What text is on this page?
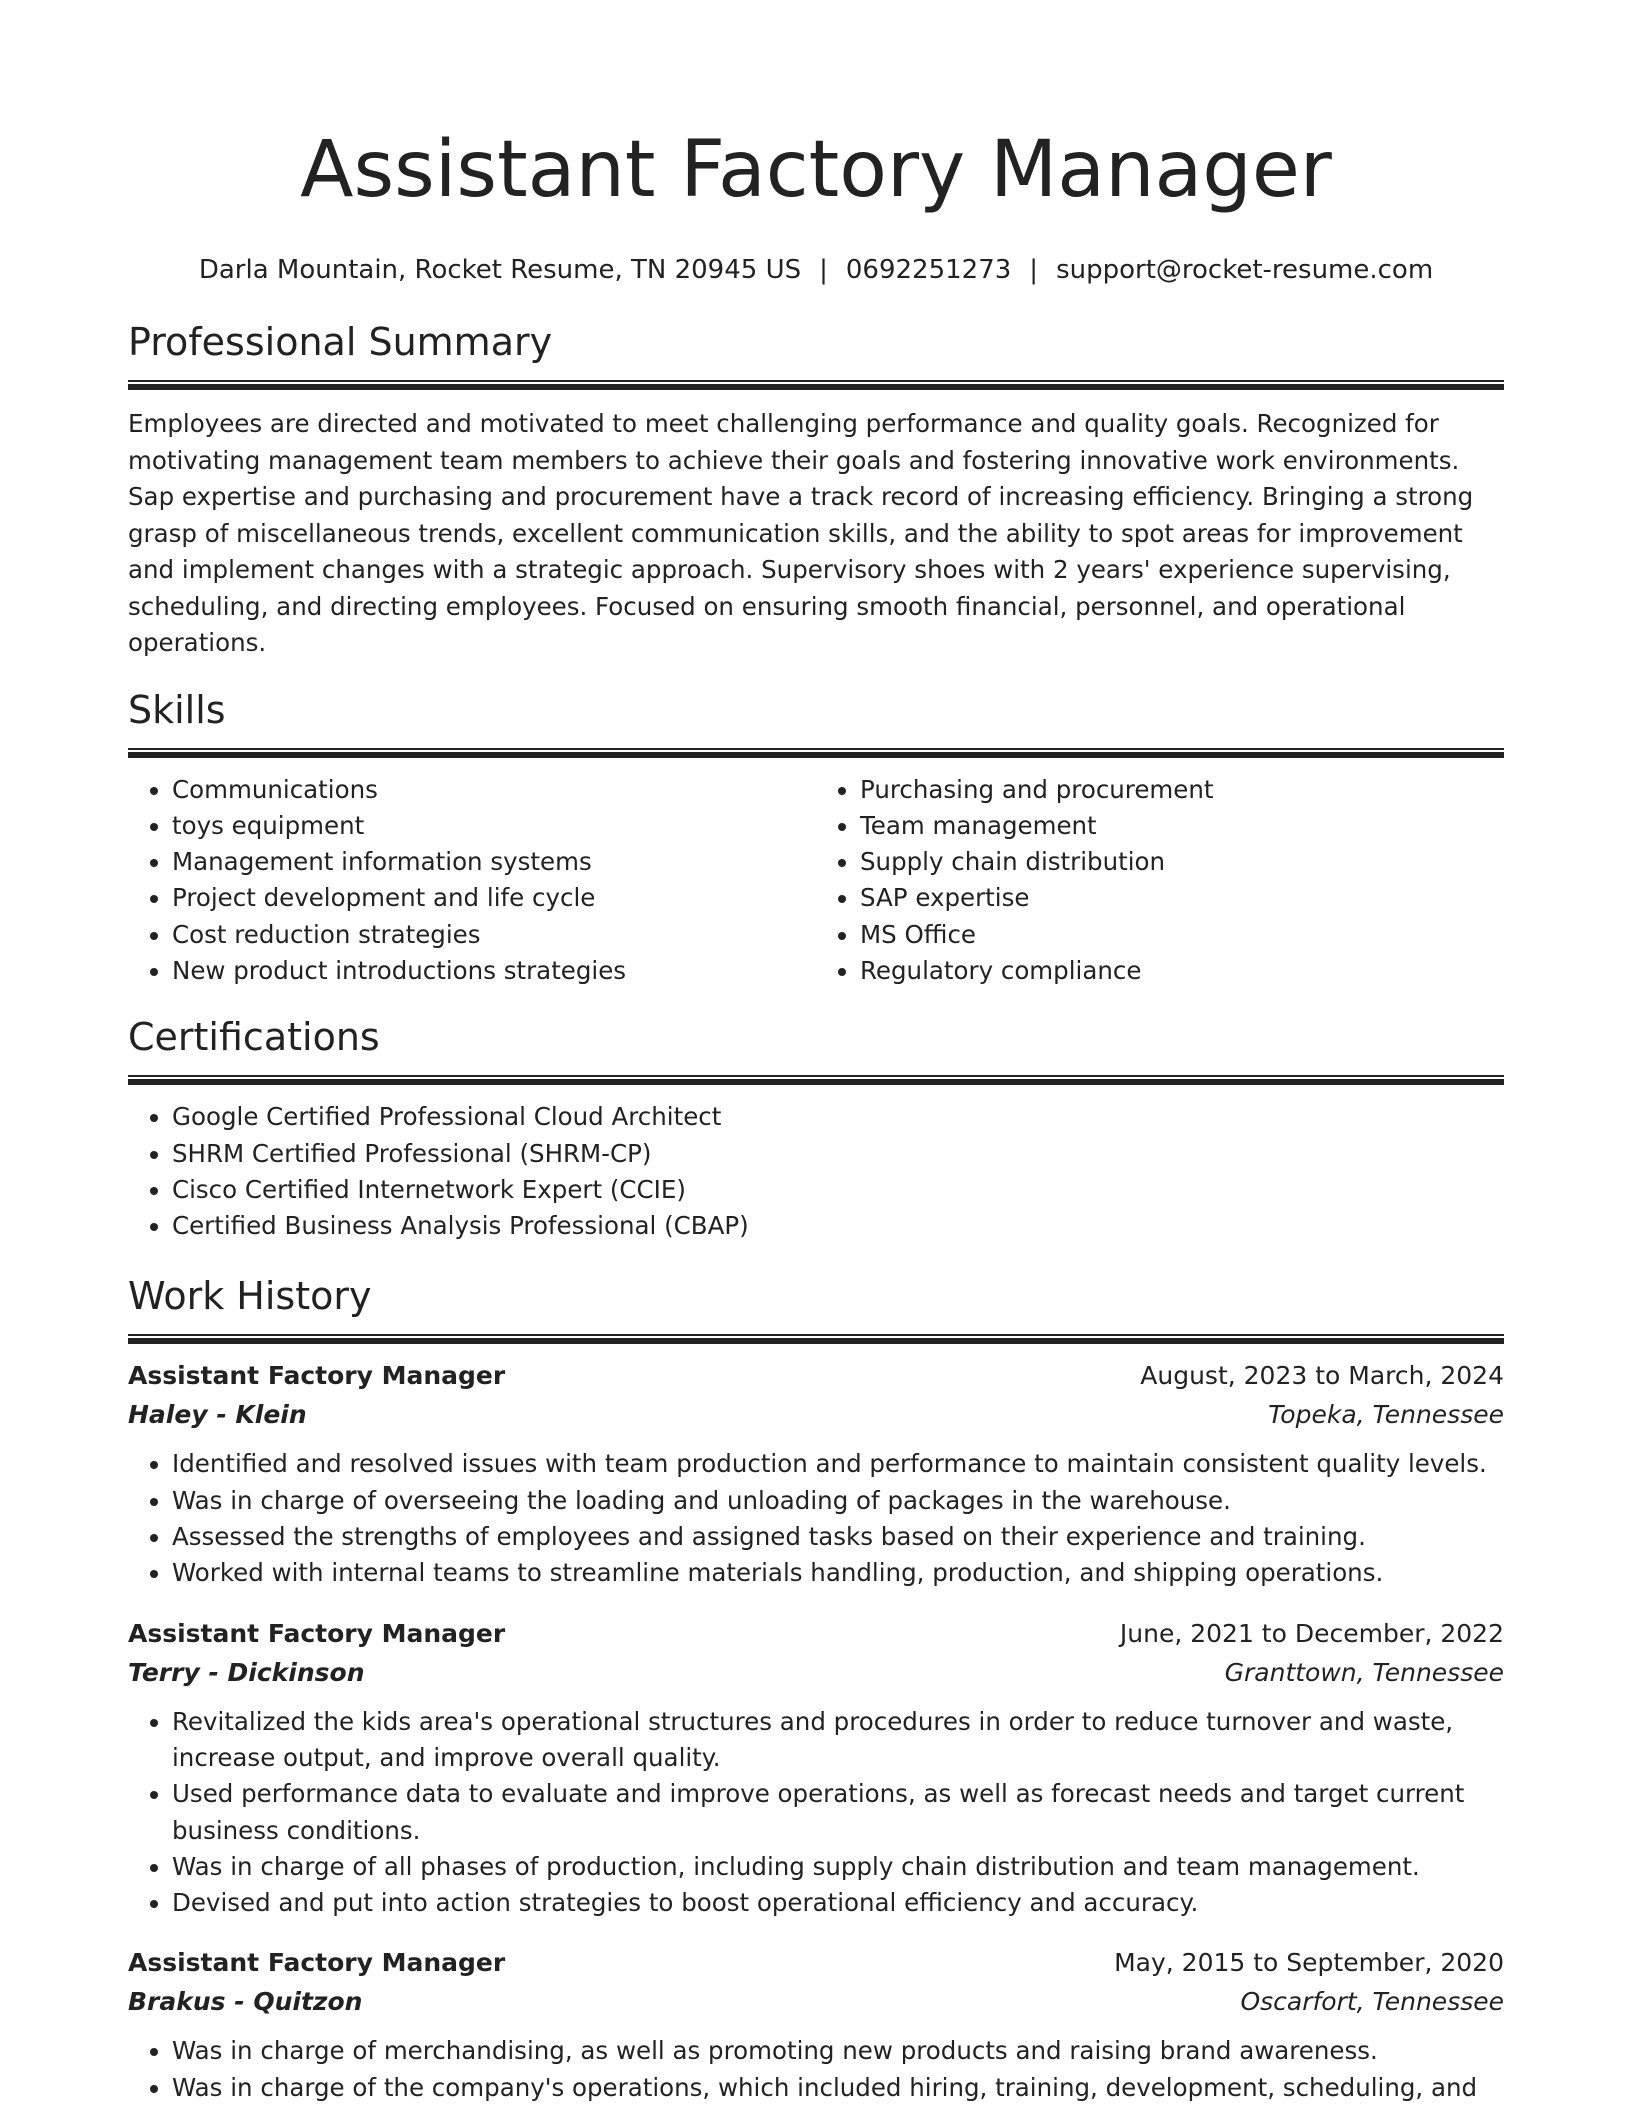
Assistant Factory Manager
Darla Mountain, Rocket Resume, TN 20945 US | 0692251273 | support@rocket-resume.com
Professional Summary

Employees are directed and motivated to meet challenging performance and quality goals. Recognized for motivating management team members to achieve their goals and fostering innovative work environments. Sap expertise and purchasing and procurement have a track record of increasing efficiency. Bringing a strong grasp of miscellaneous trends, excellent communication skills, and the ability to spot areas for improvement and implement changes with a strategic approach. Supervisory shoes with 2 years' experience supervising, scheduling, and directing employees. Focused on ensuring smooth financial, personnel, and operational operations.

Skills
• Communications
• toys equipment
• Management information systems
• Project development and life cycle
• Cost reduction strategies
• New product introductions strategies
• Purchasing and procurement
• Team management
• Supply chain distribution
• SAP expertise
• MS Office
• Regulatory compliance
Certifications
• Google Certified Professional Cloud Architect
• SHRM Certified Professional (SHRM-CP)
• Cisco Certified Internetwork Expert (CCIE)
• Certified Business Analysis Professional (CBAP)
Work History
Assistant Factory Manager	August, 2023 to March, 2024
Haley - Klein	Topeka, Tennessee
• Identified and resolved issues with team production and performance to maintain consistent quality levels.
• Was in charge of overseeing the loading and unloading of packages in the warehouse.
• Assessed the strengths of employees and assigned tasks based on their experience and training.
• Worked with internal teams to streamline materials handling, production, and shipping operations.
Assistant Factory Manager	June, 2021 to December, 2022
Terry - Dickinson	Granttown, Tennessee
• Revitalized the kids area's operational structures and procedures in order to reduce turnover and waste, increase output, and improve overall quality.
• Used performance data to evaluate and improve operations, as well as forecast needs and target current business conditions.
• Was in charge of all phases of production, including supply chain distribution and team management.
• Devised and put into action strategies to boost operational efficiency and accuracy.
Assistant Factory Manager	May, 2015 to September, 2020
Brakus - Quitzon	Oscarfort, Tennessee
• Was in charge of merchandising, as well as promoting new products and raising brand awareness.
• Was in charge of the company's operations, which included hiring, training, development, scheduling, and
